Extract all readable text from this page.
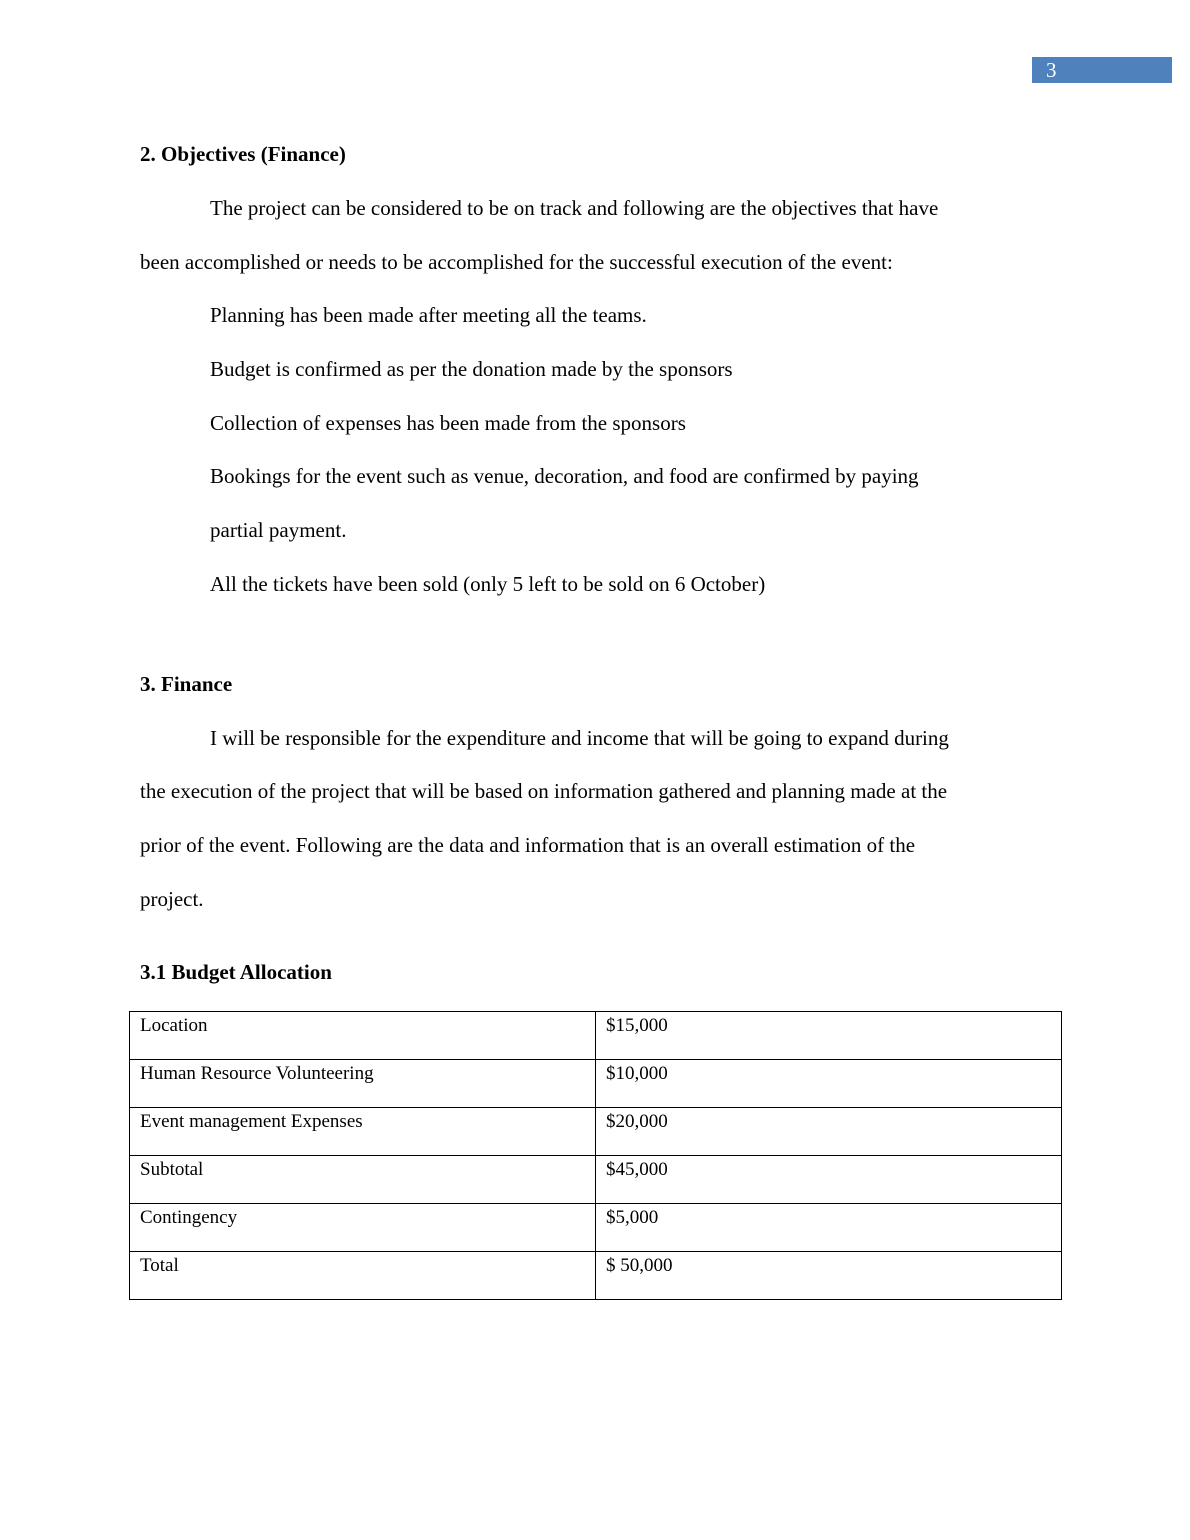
3
2. Objectives (Finance)

The project can be considered to be on track and following are the objectives that have

been accomplished or needs to be accomplished for the successful execution of the event:

Planning has been made after meeting all the teams.

Budget is confirmed as per the donation made by the sponsors

Collection of expenses has been made from the sponsors

Bookings for the event such as venue, decoration, and food are confirmed by paying

partial payment.

All the tickets have been sold (only 5 left to be sold on 6 October)

3. Finance

I will be responsible for the expenditure and income that will be going to expand during

the execution of the project that will be based on information gathered and planning made at the

prior of the event. Following are the data and information that is an overall estimation of the

project.

3.1 Budget Allocation
Location	$15,000
Human Resource Volunteering	$10,000
Event management Expenses	$20,000
Subtotal	$45,000
Contingency	$5,000
Total	$ 50,000
